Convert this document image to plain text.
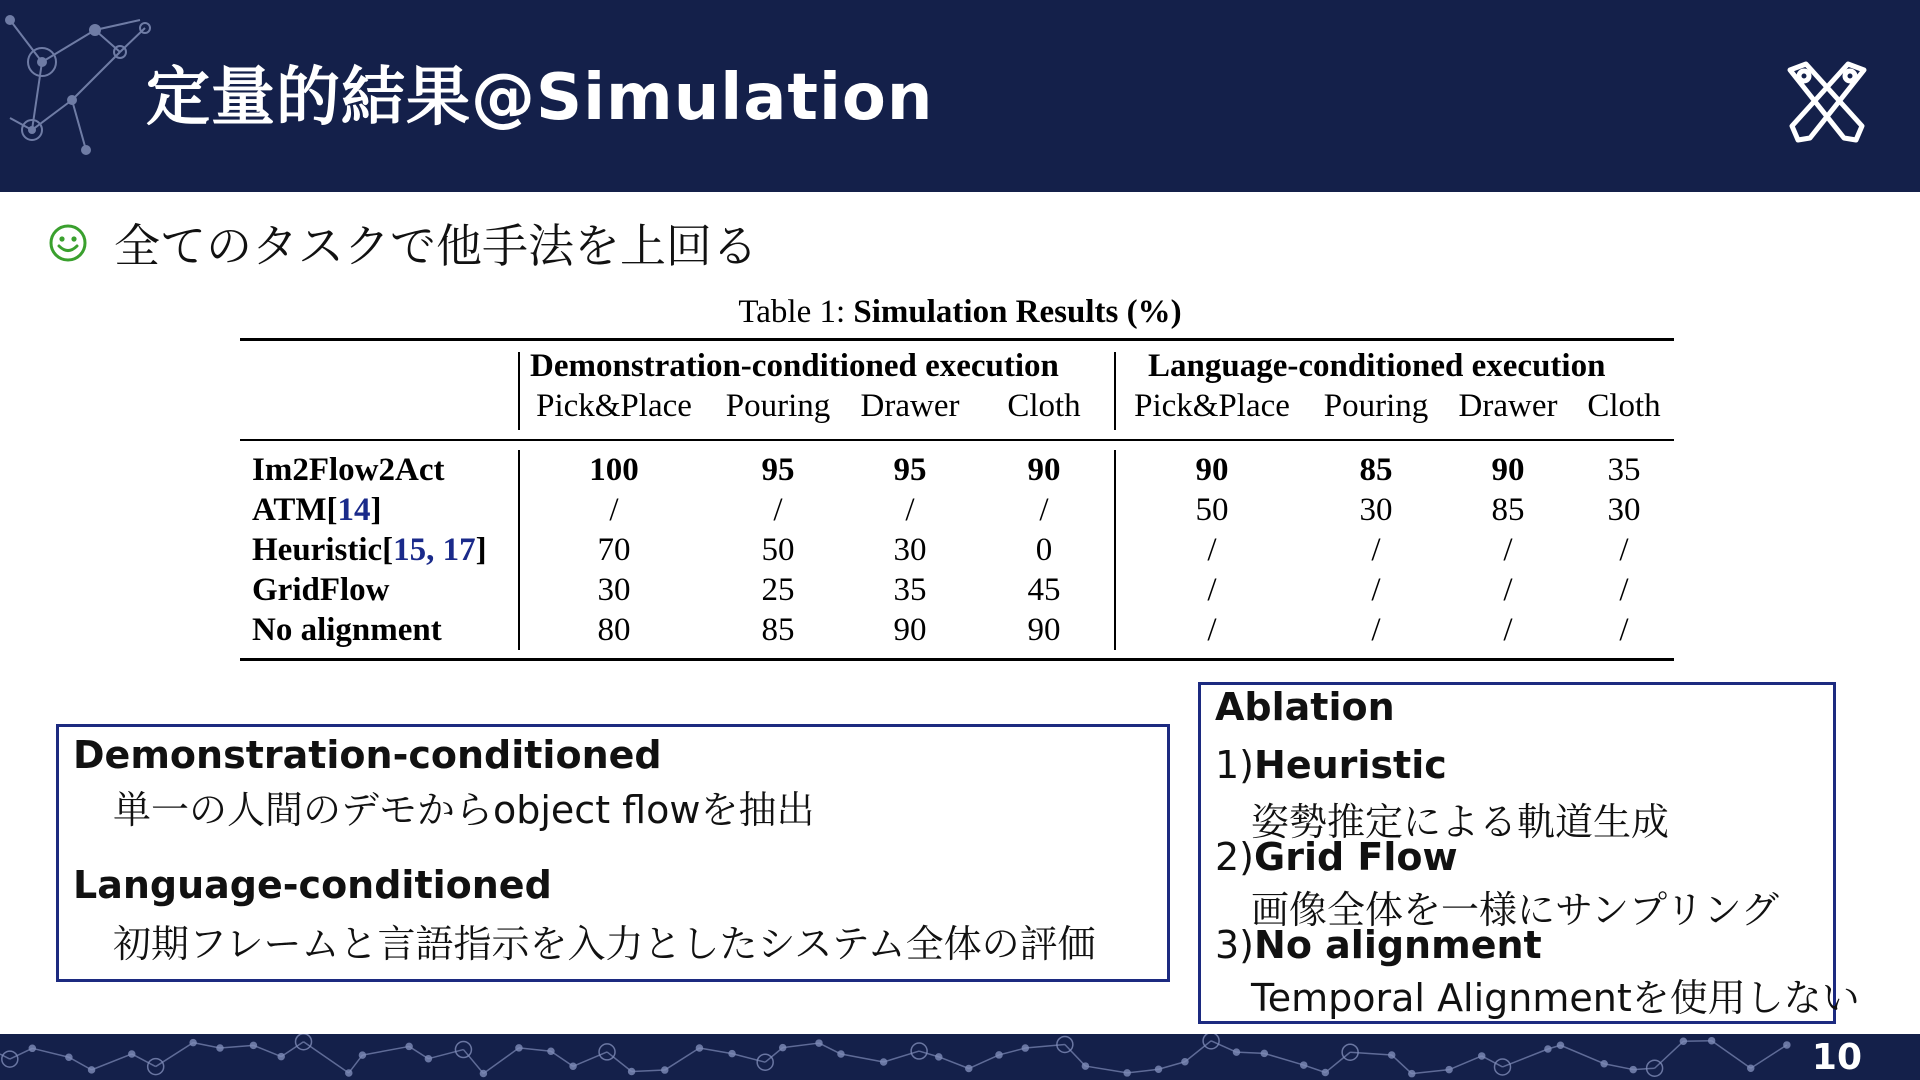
定量的結果@Simulation
全てのタスクで他手法を上回る
Table 1: Simulation Results (%)
Demonstration-conditioned execution	Language-conditioned execution
Pick&Place Pouring Drawer Cloth Pick&Place Pouring Drawer Cloth
Im2Flow2Act	100	95	95	90	90	85	90	35
ATM[14]	/	/	/	/	50	30	85	30
Heuristic[15, 17]	70	50	30	0	/	/	/	/
GridFlow	30	25	35	45	/	/	/	/
No alignment	80	85	90	90	/	/	/	/
Demonstration-conditioned
単一の人間のデモからobject flowを抽出
Language-conditioned
初期フレームと言語指示を入力としたシステム全体の評価
Ablation
1)Heuristic
姿勢推定による軌道生成
2)Grid Flow
画像全体を一様にサンプリング
3)No alignment
Temporal Alignmentを使用しない
10
